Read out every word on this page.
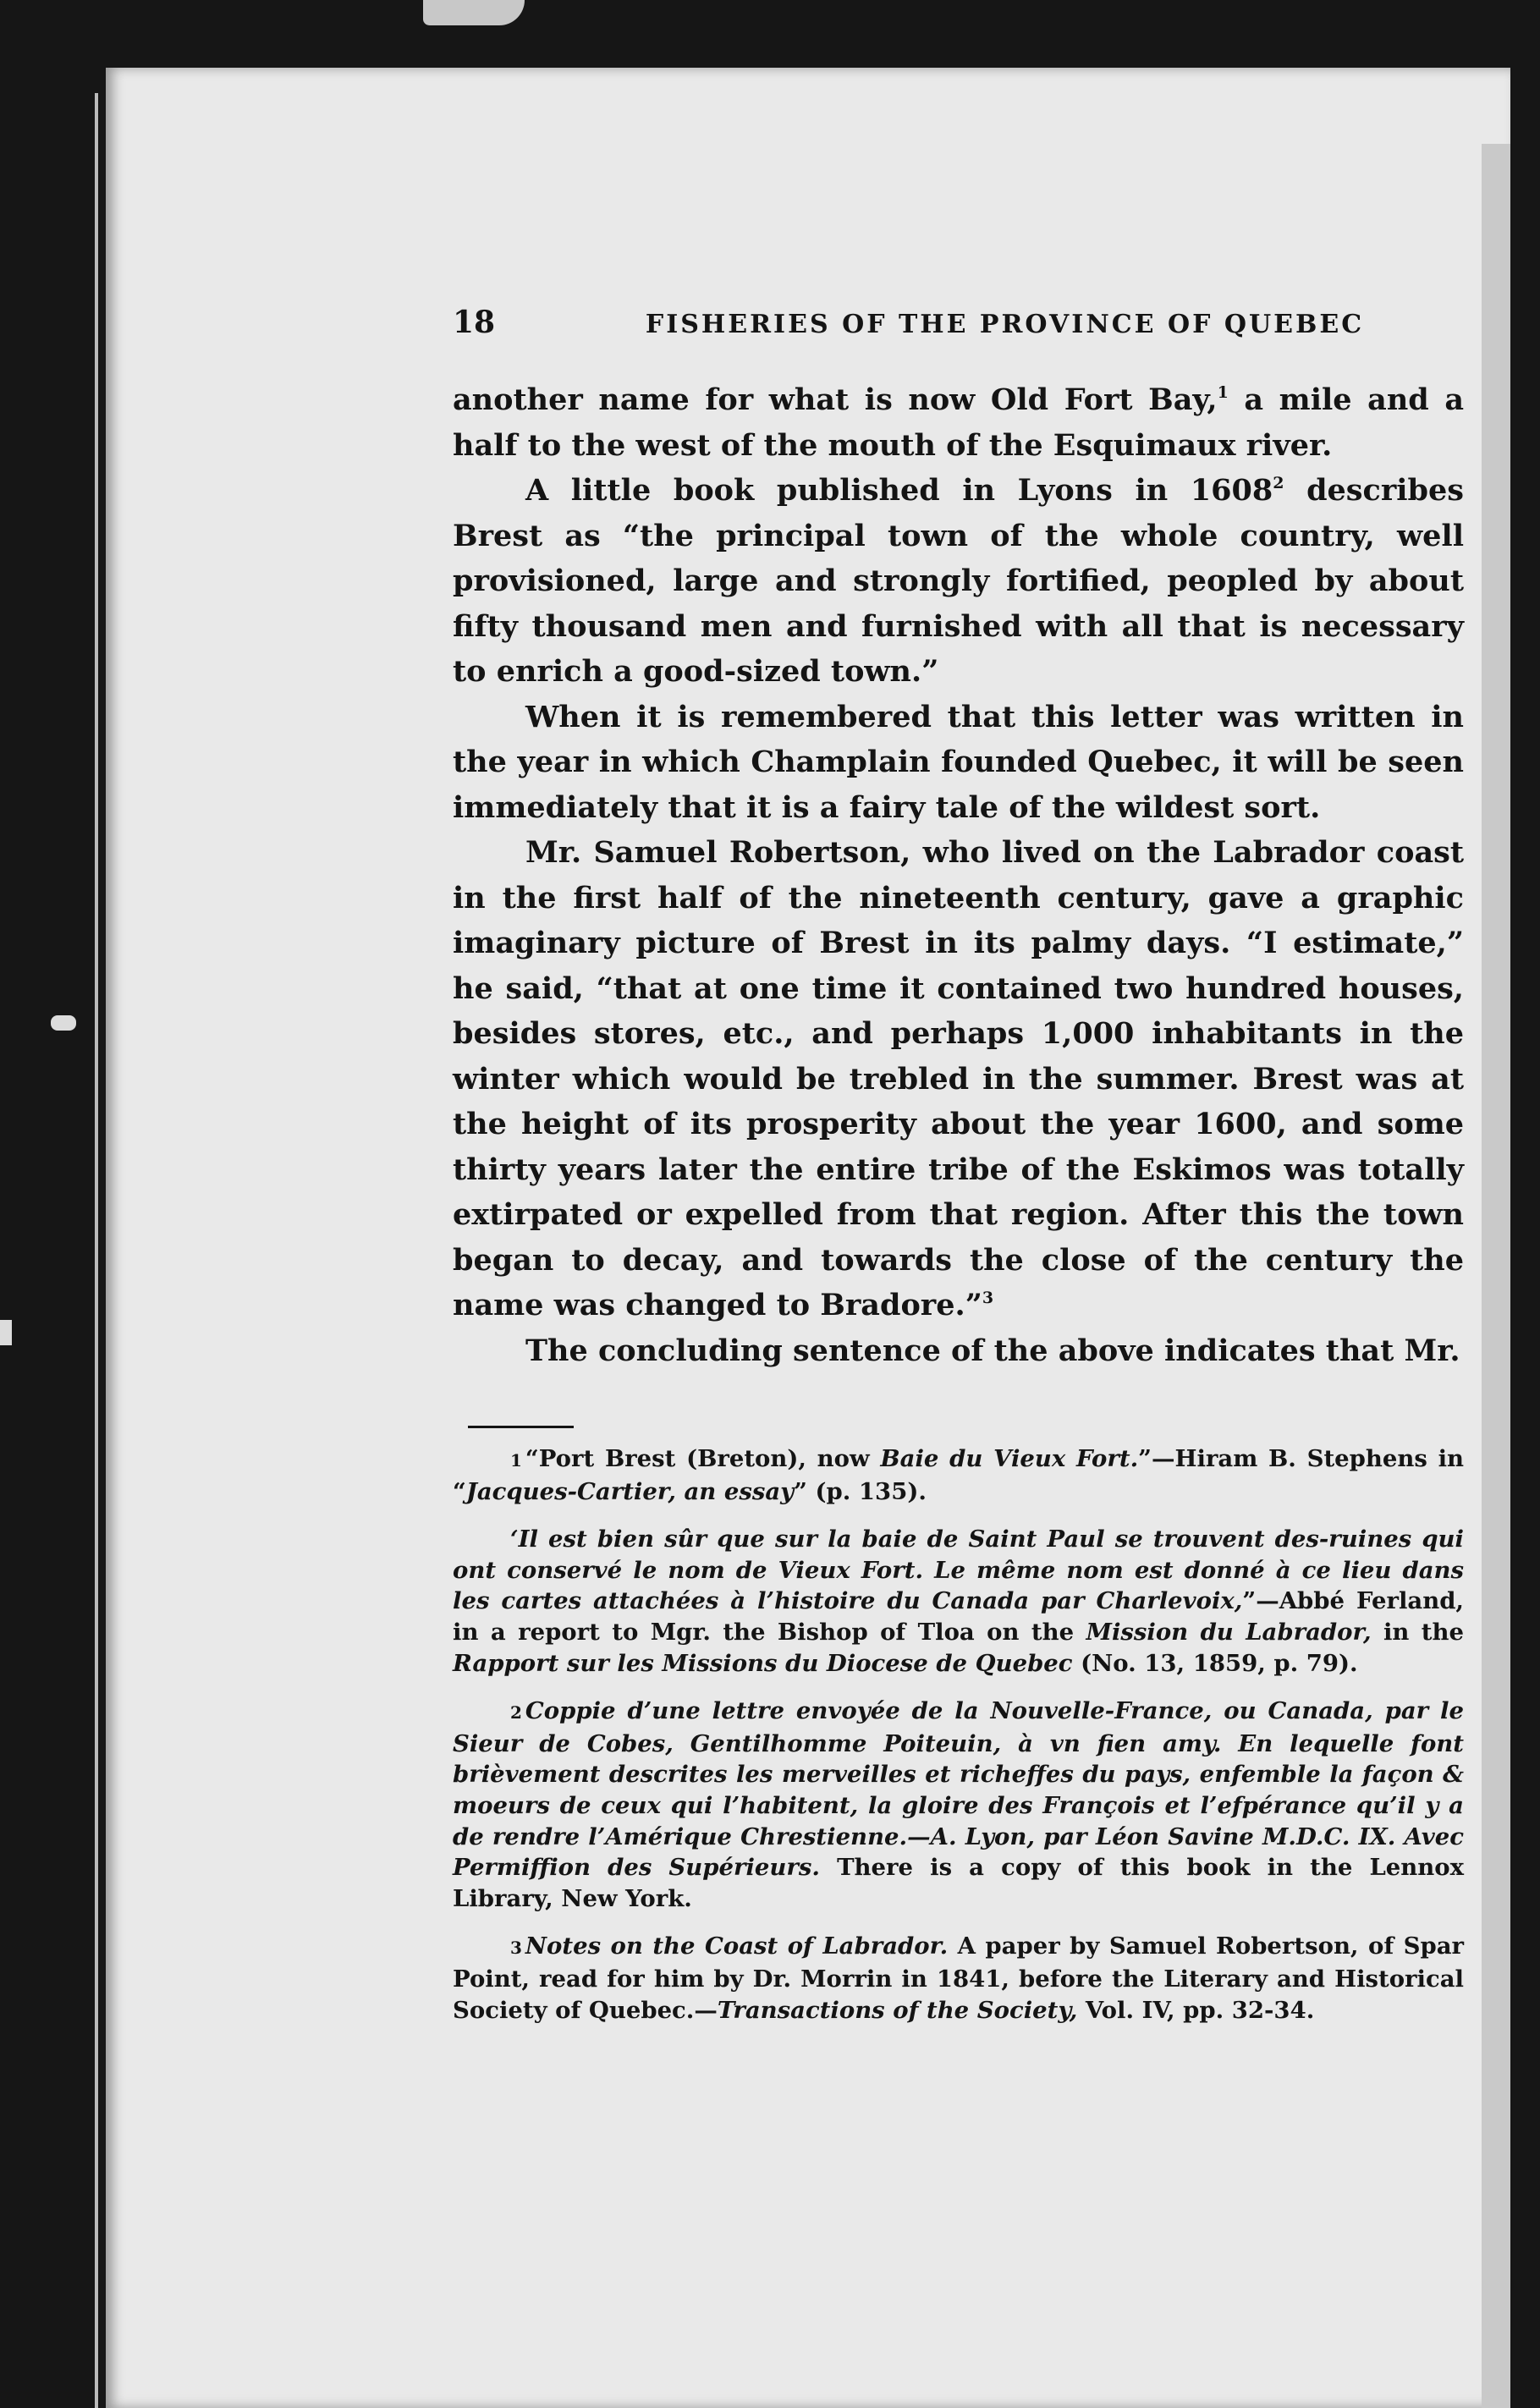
18	FISHERIES OF THE PROVINCE OF QUEBEC

another name for what is now Old Fort Bay,$^1$ a mile and a half to the west of the mouth of the Esquimaux river.

A little book published in Lyons in 1608$^2$ describes Brest as “the principal town of the whole country, well provisioned, large and strongly fortified, peopled by about fifty thousand men and furnished with all that is necessary to enrich a good-sized town.”

When it is remembered that this letter was written in the year in which Champlain founded Quebec, it will be seen immediately that it is a fairy tale of the wildest sort.

Mr. Samuel Robertson, who lived on the Labrador coast in the first half of the nineteenth century, gave a graphic imaginary picture of Brest in its palmy days. “I estimate,” he said, “that at one time it contained two hundred houses, besides stores, etc., and perhaps 1,000 inhabitants in the winter which would be trebled in the summer. Brest was at the height of its prosperity about the year 1600, and some thirty years later the entire tribe of the Eskimos was totally extirpated or expelled from that region. After this the town began to decay, and towards the close of the century the name was changed to Bradore.”$^3$

The concluding sentence of the above indicates that Mr.

1 “Port Brest (Breton), now Baie du Vieux Fort.”—Hiram B. Stephens in “Jacques-Cartier, an essay” (p. 135).

‘Il est bien sûr que sur la baie de Saint Paul se trouvent des-ruines qui ont conservé le nom de Vieux Fort. Le même nom est donné à ce lieu dans les cartes attachées à l’histoire du Canada par Charlevoix,”—Abbé Ferland, in a report to Mgr. the Bishop of Tloa on the Mission du Labrador, in the Rapport sur les Missions du Diocese de Quebec (No. 13, 1859, p. 79).

2 Coppie d’une lettre envoyée de la Nouvelle-France, ou Canada, par le Sieur de Cobes, Gentilhomme Poiteuin, à vn fien amy. En lequelle font brièvement descrites les merveilles et richeffes du pays, enfemble la façon & moeurs de ceux qui l’habitent, la gloire des François et l’efpérance qu’il y a de rendre l’Amérique Chrestienne.—A. Lyon, par Léon Savine M.D.C. IX. Avec Permiffion des Supérieurs. There is a copy of this book in the Lennox Library, New York.

3 Notes on the Coast of Labrador. A paper by Samuel Robertson, of Spar Point, read for him by Dr. Morrin in 1841, before the Literary and Historical Society of Quebec.—Transactions of the Society, Vol. IV, pp. 32-34.
